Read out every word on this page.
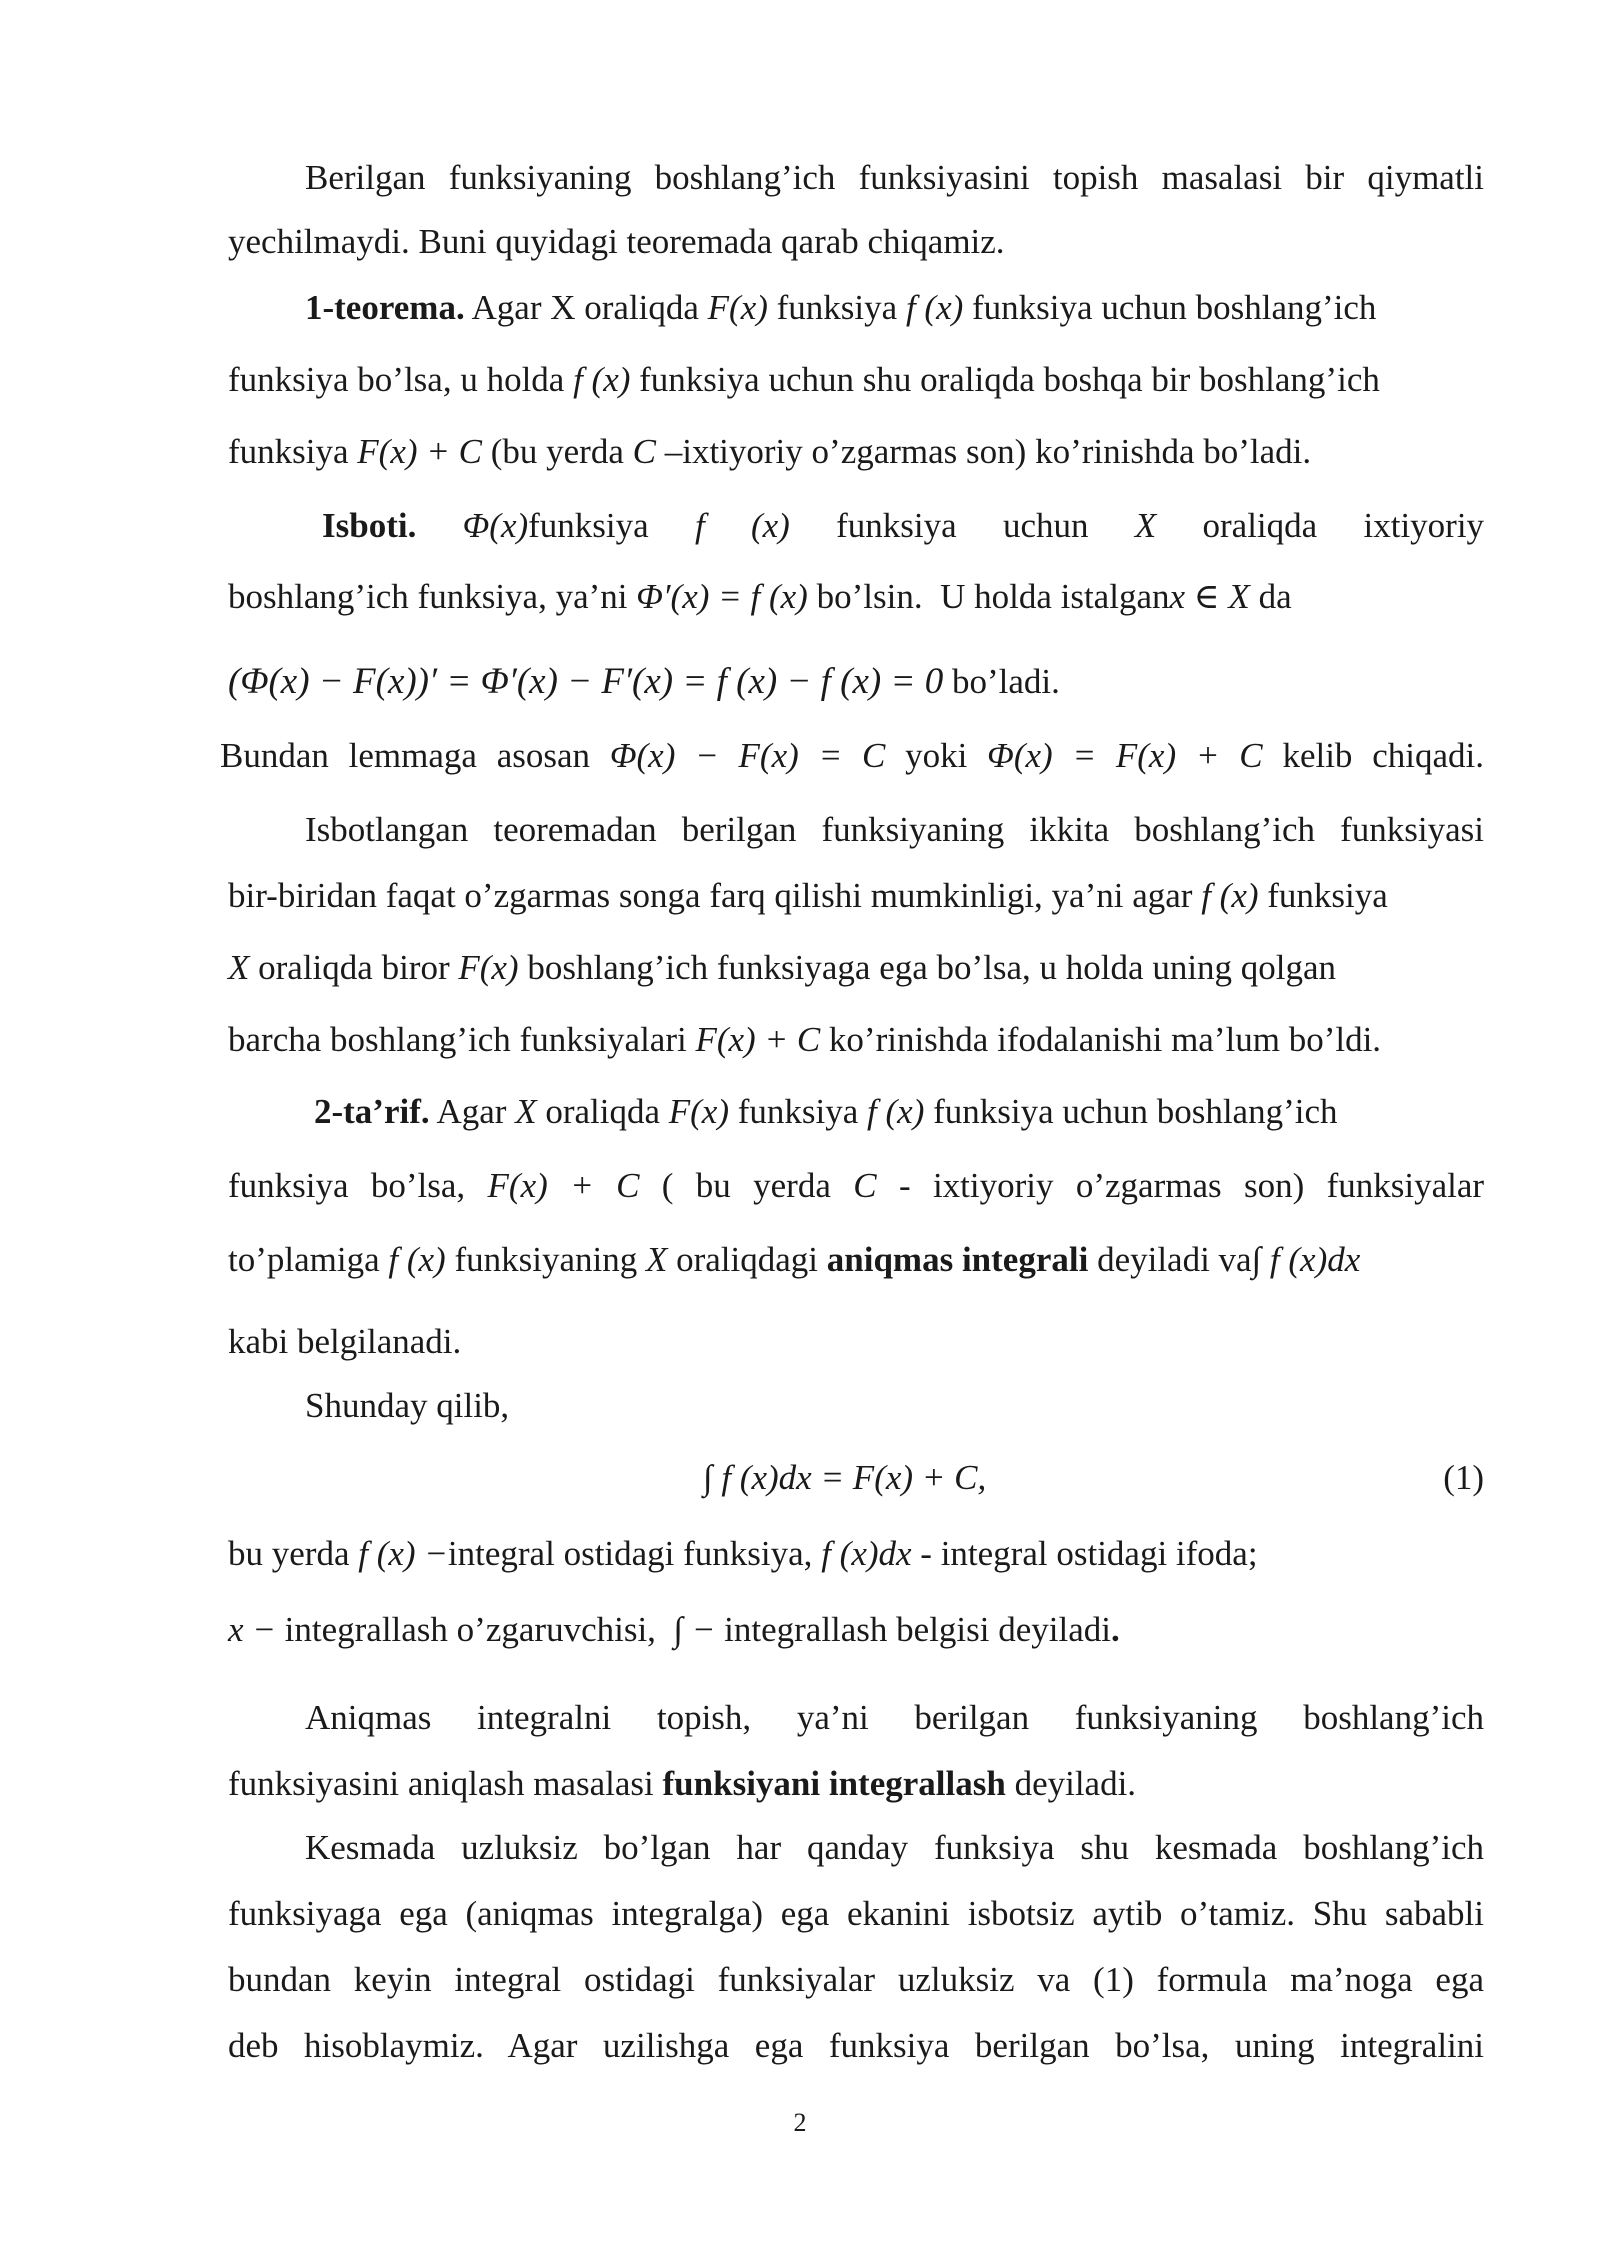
Berilgan funksiyaning boshlang’ich funksiyasini topish masalasi bir qiymatli
yechilmaydi. Buni quyidagi teoremada qarab chiqamiz.
1-teorema. Agar X oraliqda F(x) funksiya f (x) funksiya uchun boshlang’ich
funksiya bo’lsa, u holda f (x) funksiya uchun shu oraliqda boshqa bir boshlang’ich
funksiya F(x) + C (bu yerda C –ixtiyoriy o’zgarmas son) ko’rinishda bo’ladi.
Isboti. Φ(x)funksiya f (x) funksiya uchun X oraliqda ixtiyoriy
boshlang’ich funksiya, ya’ni Φ′(x) = f (x) bo’lsin. U holda istalganx ∈ X da
(Φ(x) − F(x))′ = Φ′(x) − F′(x) = f (x) − f (x) = 0 bo’ladi.
Bundan lemmaga asosan Φ(x) − F(x) = C yoki Φ(x) = F(x) + C kelib chiqadi.
Isbotlangan teoremadan berilgan funksiyaning ikkita boshlang’ich funksiyasi
bir-biridan faqat o’zgarmas songa farq qilishi mumkinligi, ya’ni agar f (x) funksiya
X oraliqda biror F(x) boshlang’ich funksiyaga ega bo’lsa, u holda uning qolgan
barcha boshlang’ich funksiyalari F(x) + C ko’rinishda ifodalanishi ma’lum bo’ldi.
2-ta’rif. Agar X oraliqda F(x) funksiya f (x) funksiya uchun boshlang’ich
funksiya bo’lsa, F(x) + C ( bu yerda C - ixtiyoriy o’zgarmas son) funksiyalar
to’plamiga f (x) funksiyaning X oraliqdagi aniqmas integrali deyiladi va∫ f (x)dx
kabi belgilanadi.
Shunday qilib,
∫ f (x)dx = F(x) + C,	(1)
bu yerda f (x) −integral ostidagi funksiya, f (x)dx - integral ostidagi ifoda;
x − integrallash o’zgaruvchisi, ∫ − integrallash belgisi deyiladi.
Aniqmas integralni topish, ya’ni berilgan funksiyaning boshlang’ich
funksiyasini aniqlash masalasi funksiyani integrallash deyiladi.
Kesmada uzluksiz bo’lgan har qanday funksiya shu kesmada boshlang’ich
funksiyaga ega (aniqmas integralga) ega ekanini isbotsiz aytib o’tamiz. Shu sababli
bundan keyin integral ostidagi funksiyalar uzluksiz va (1) formula ma’noga ega
deb hisoblaymiz. Agar uzilishga ega funksiya berilgan bo’lsa, uning integralini
2
